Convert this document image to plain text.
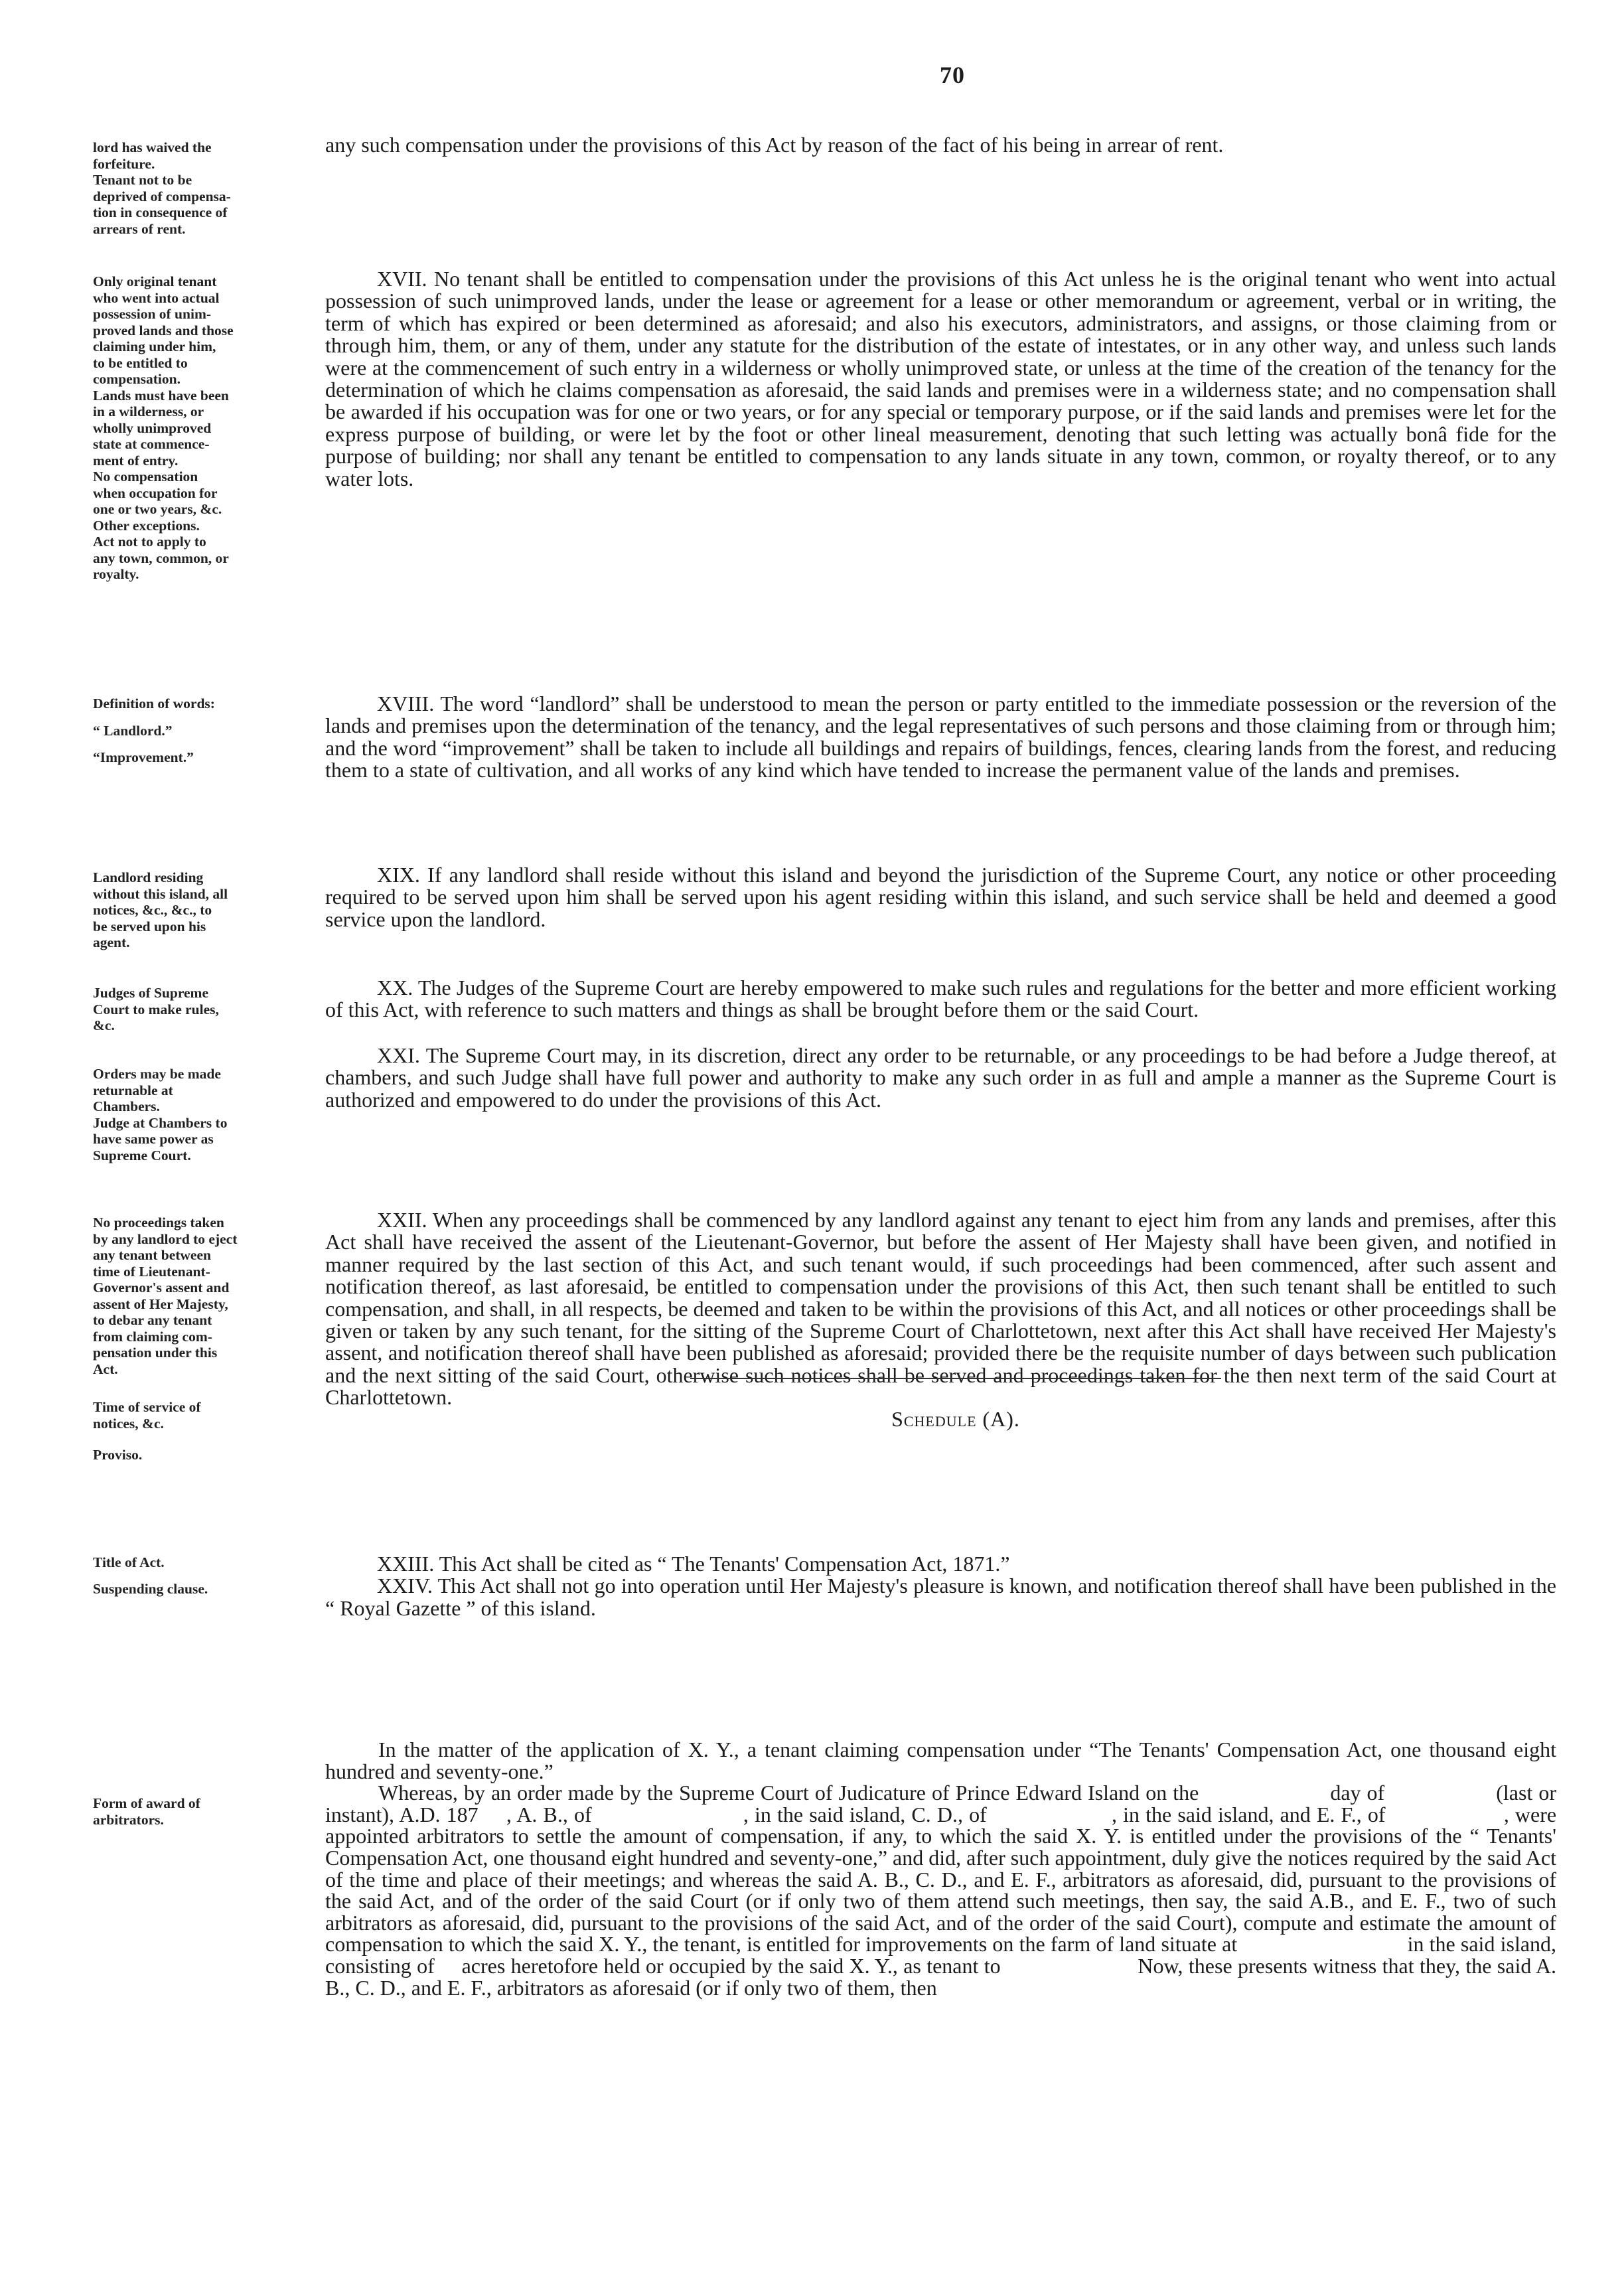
70
lord has waived the
forfeiture.
Tenant not to be
deprived of compensa-
tion in consequence of
arrears of rent.
Only original tenant
who went into actual
possession of unim-
proved lands and those
claiming under him,
to be entitled to
compensation.
Lands must have been
in a wilderness, or
wholly unimproved
state at commence-
ment of entry.
No compensation
when occupation for
one or two years, &c.
Other exceptions.
Act not to apply to
any town, common, or
royalty.
Definition of words:
“ Landlord.”
“Improvement.”
Landlord residing
without this island, all
notices, &c., &c., to
be served upon his
agent.
Judges of Supreme
Court to make rules,
&c.
Orders may be made
returnable at
Chambers.
Judge at Chambers to
have same power as
Supreme Court.
No proceedings taken
by any landlord to eject
any tenant between
time of Lieutenant-
Governor's assent and
assent of Her Majesty,
to debar any tenant
from claiming com-
pensation under this
Act.
Time of service of
notices, &c.
Proviso.
Title of Act.
Suspending clause.
Form of award of
arbitrators.

any such compensation under the provisions of this Act by reason of the fact of his being in arrear of rent.

XVII. No tenant shall be entitled to compensation under the provisions of this Act unless he is the original tenant who went into actual possession of such unimproved lands, under the lease or agreement for a lease or other memorandum or agreement, verbal or in writing, the term of which has expired or been determined as aforesaid; and also his executors, administrators, and assigns, or those claiming from or through him, them, or any of them, under any statute for the distribution of the estate of intestates, or in any other way, and unless such lands were at the commencement of such entry in a wilderness or wholly unimproved state, or unless at the time of the creation of the tenancy for the determination of which he claims compensation as aforesaid, the said lands and premises were in a wilderness state; and no compensation shall be awarded if his occupation was for one or two years, or for any special or temporary purpose, or if the said lands and premises were let for the express purpose of building, or were let by the foot or other lineal measurement, denoting that such letting was actually bonâ fide for the purpose of building; nor shall any tenant be entitled to compensation to any lands situate in any town, common, or royalty thereof, or to any water lots.

XVIII. The word “landlord” shall be understood to mean the person or party entitled to the immediate possession or the reversion of the lands and premises upon the determination of the tenancy, and the legal representatives of such persons and those claiming from or through him; and the word “improvement” shall be taken to include all buildings and repairs of buildings, fences, clearing lands from the forest, and reducing them to a state of cultivation, and all works of any kind which have tended to increase the permanent value of the lands and premises.

XIX. If any landlord shall reside without this island and beyond the jurisdiction of the Supreme Court, any notice or other proceeding required to be served upon him shall be served upon his agent residing within this island, and such service shall be held and deemed a good service upon the landlord.

XX. The Judges of the Supreme Court are hereby empowered to make such rules and regulations for the better and more efficient working of this Act, with reference to such matters and things as shall be brought before them or the said Court.

XXI. The Supreme Court may, in its discretion, direct any order to be returnable, or any proceedings to be had before a Judge thereof, at chambers, and such Judge shall have full power and authority to make any such order in as full and ample a manner as the Supreme Court is authorized and empowered to do under the provisions of this Act.

XXII. When any proceedings shall be commenced by any landlord against any tenant to eject him from any lands and premises, after this Act shall have received the assent of the Lieutenant-Governor, but before the assent of Her Majesty shall have been given, and notified in manner required by the last section of this Act, and such tenant would, if such proceedings had been commenced, after such assent and notification thereof, as last aforesaid, be entitled to compensation under the provisions of this Act, then such tenant shall be entitled to such compensation, and shall, in all respects, be deemed and taken to be within the provisions of this Act, and all notices or other proceedings shall be given or taken by any such tenant, for the sitting of the Supreme Court of Charlottetown, next after this Act shall have received Her Majesty's assent, and notification thereof shall have been published as aforesaid; provided there be the requisite number of days between such publication and the next sitting of the said Court, otherwise such notices shall be served and proceedings taken for the then next term of the said Court at Charlottetown.

XXIII. This Act shall be cited as “ The Tenants' Compensation Act, 1871.”

XXIV. This Act shall not go into operation until Her Majesty's pleasure is known, and notification thereof shall have been published in the “ Royal Gazette ” of this island.

Schedule (A).

In the matter of the application of X. Y., a tenant claiming compensation under “The Tenants' Compensation Act, one thousand eight hundred and seventy-one.”

Whereas, by an order made by the Supreme Court of Judicature of Prince Edward Island on the	day of	(last or instant), A.D. 187 , A. B., of	, in the said island, C. D., of	, in the said island, and E. F., of	, were appointed arbitrators to settle the amount of compensation, if any, to which the said X. Y. is entitled under the provisions of the “ Tenants' Compensation Act, one thousand eight hundred and seventy-one,” and did, after such appointment, duly give the notices required by the said Act of the time and place of their meetings; and whereas the said A. B., C. D., and E. F., arbitrators as aforesaid, did, pursuant to the provisions of the said Act, and of the order of the said Court (or if only two of them attend such meetings, then say, the said A.B., and E. F., two of such arbitrators as aforesaid, did, pursuant to the provisions of the said Act, and of the order of the said Court), compute and estimate the amount of compensation to which the said X. Y., the tenant, is entitled for improvements on the farm of land situate at	in the said island, consisting of acres heretofore held or occupied by the said X. Y., as tenant to	Now, these presents witness that they, the said A. B., C. D., and E. F., arbitrators as aforesaid (or if only two of them, then
